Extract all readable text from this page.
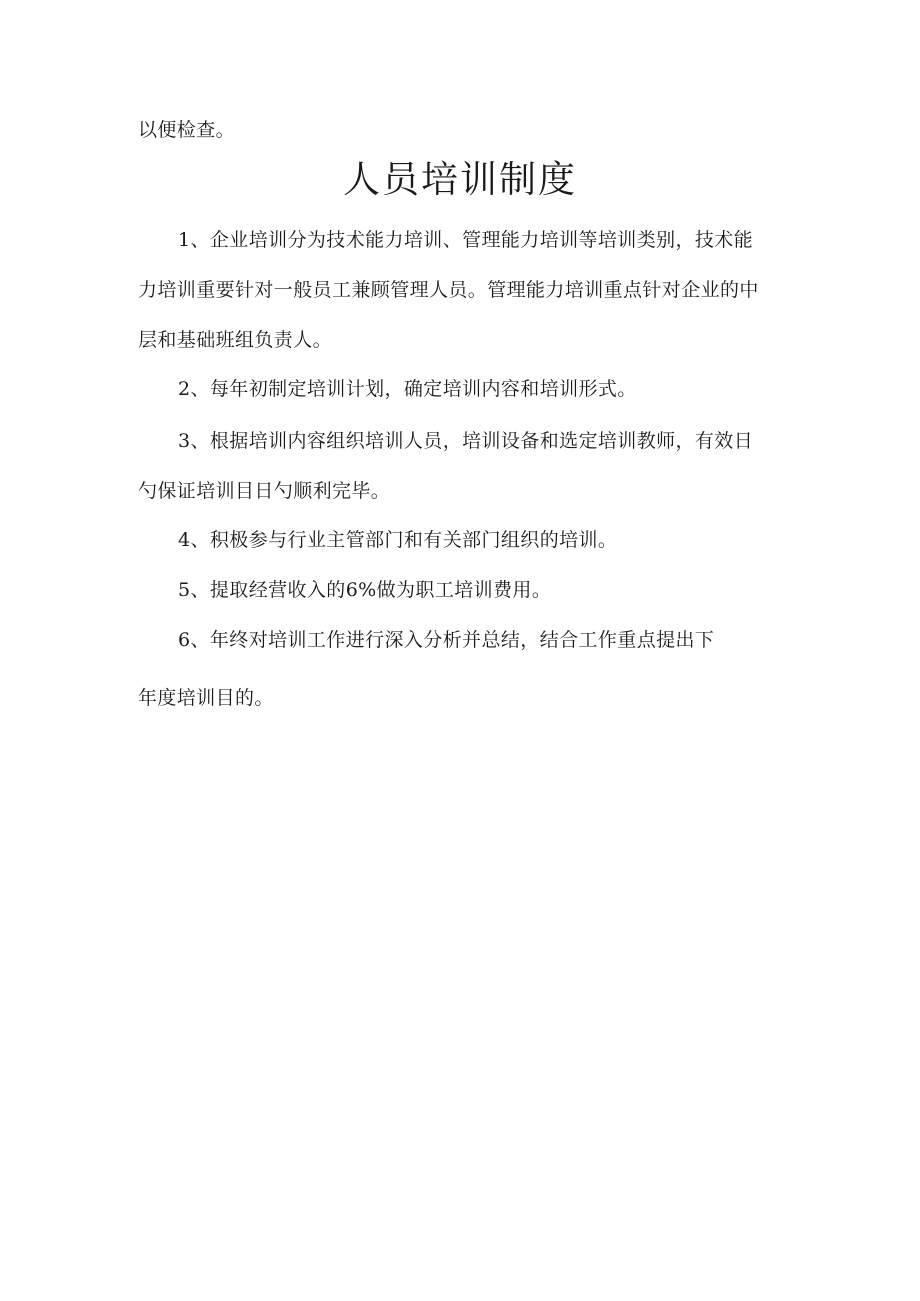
以便检查。
人员培训制度
1、企业培训分为技术能力培训、管理能力培训等培训类别，技术能
力培训重要针对一般员工兼顾管理人员。管理能力培训重点针对企业的中
层和基础班组负责人。
2、每年初制定培训计划，确定培训内容和培训形式。
3、根据培训内容组织培训人员，培训设备和选定培训教师，有效日
勺保证培训目日勺顺利完毕。
4、积极参与行业主管部门和有关部门组织的培训。
5、提取经营收入的6%做为职工培训费用。
6、年终对培训工作进行深入分析并总结，结合工作重点提出下
年度培训目的。
